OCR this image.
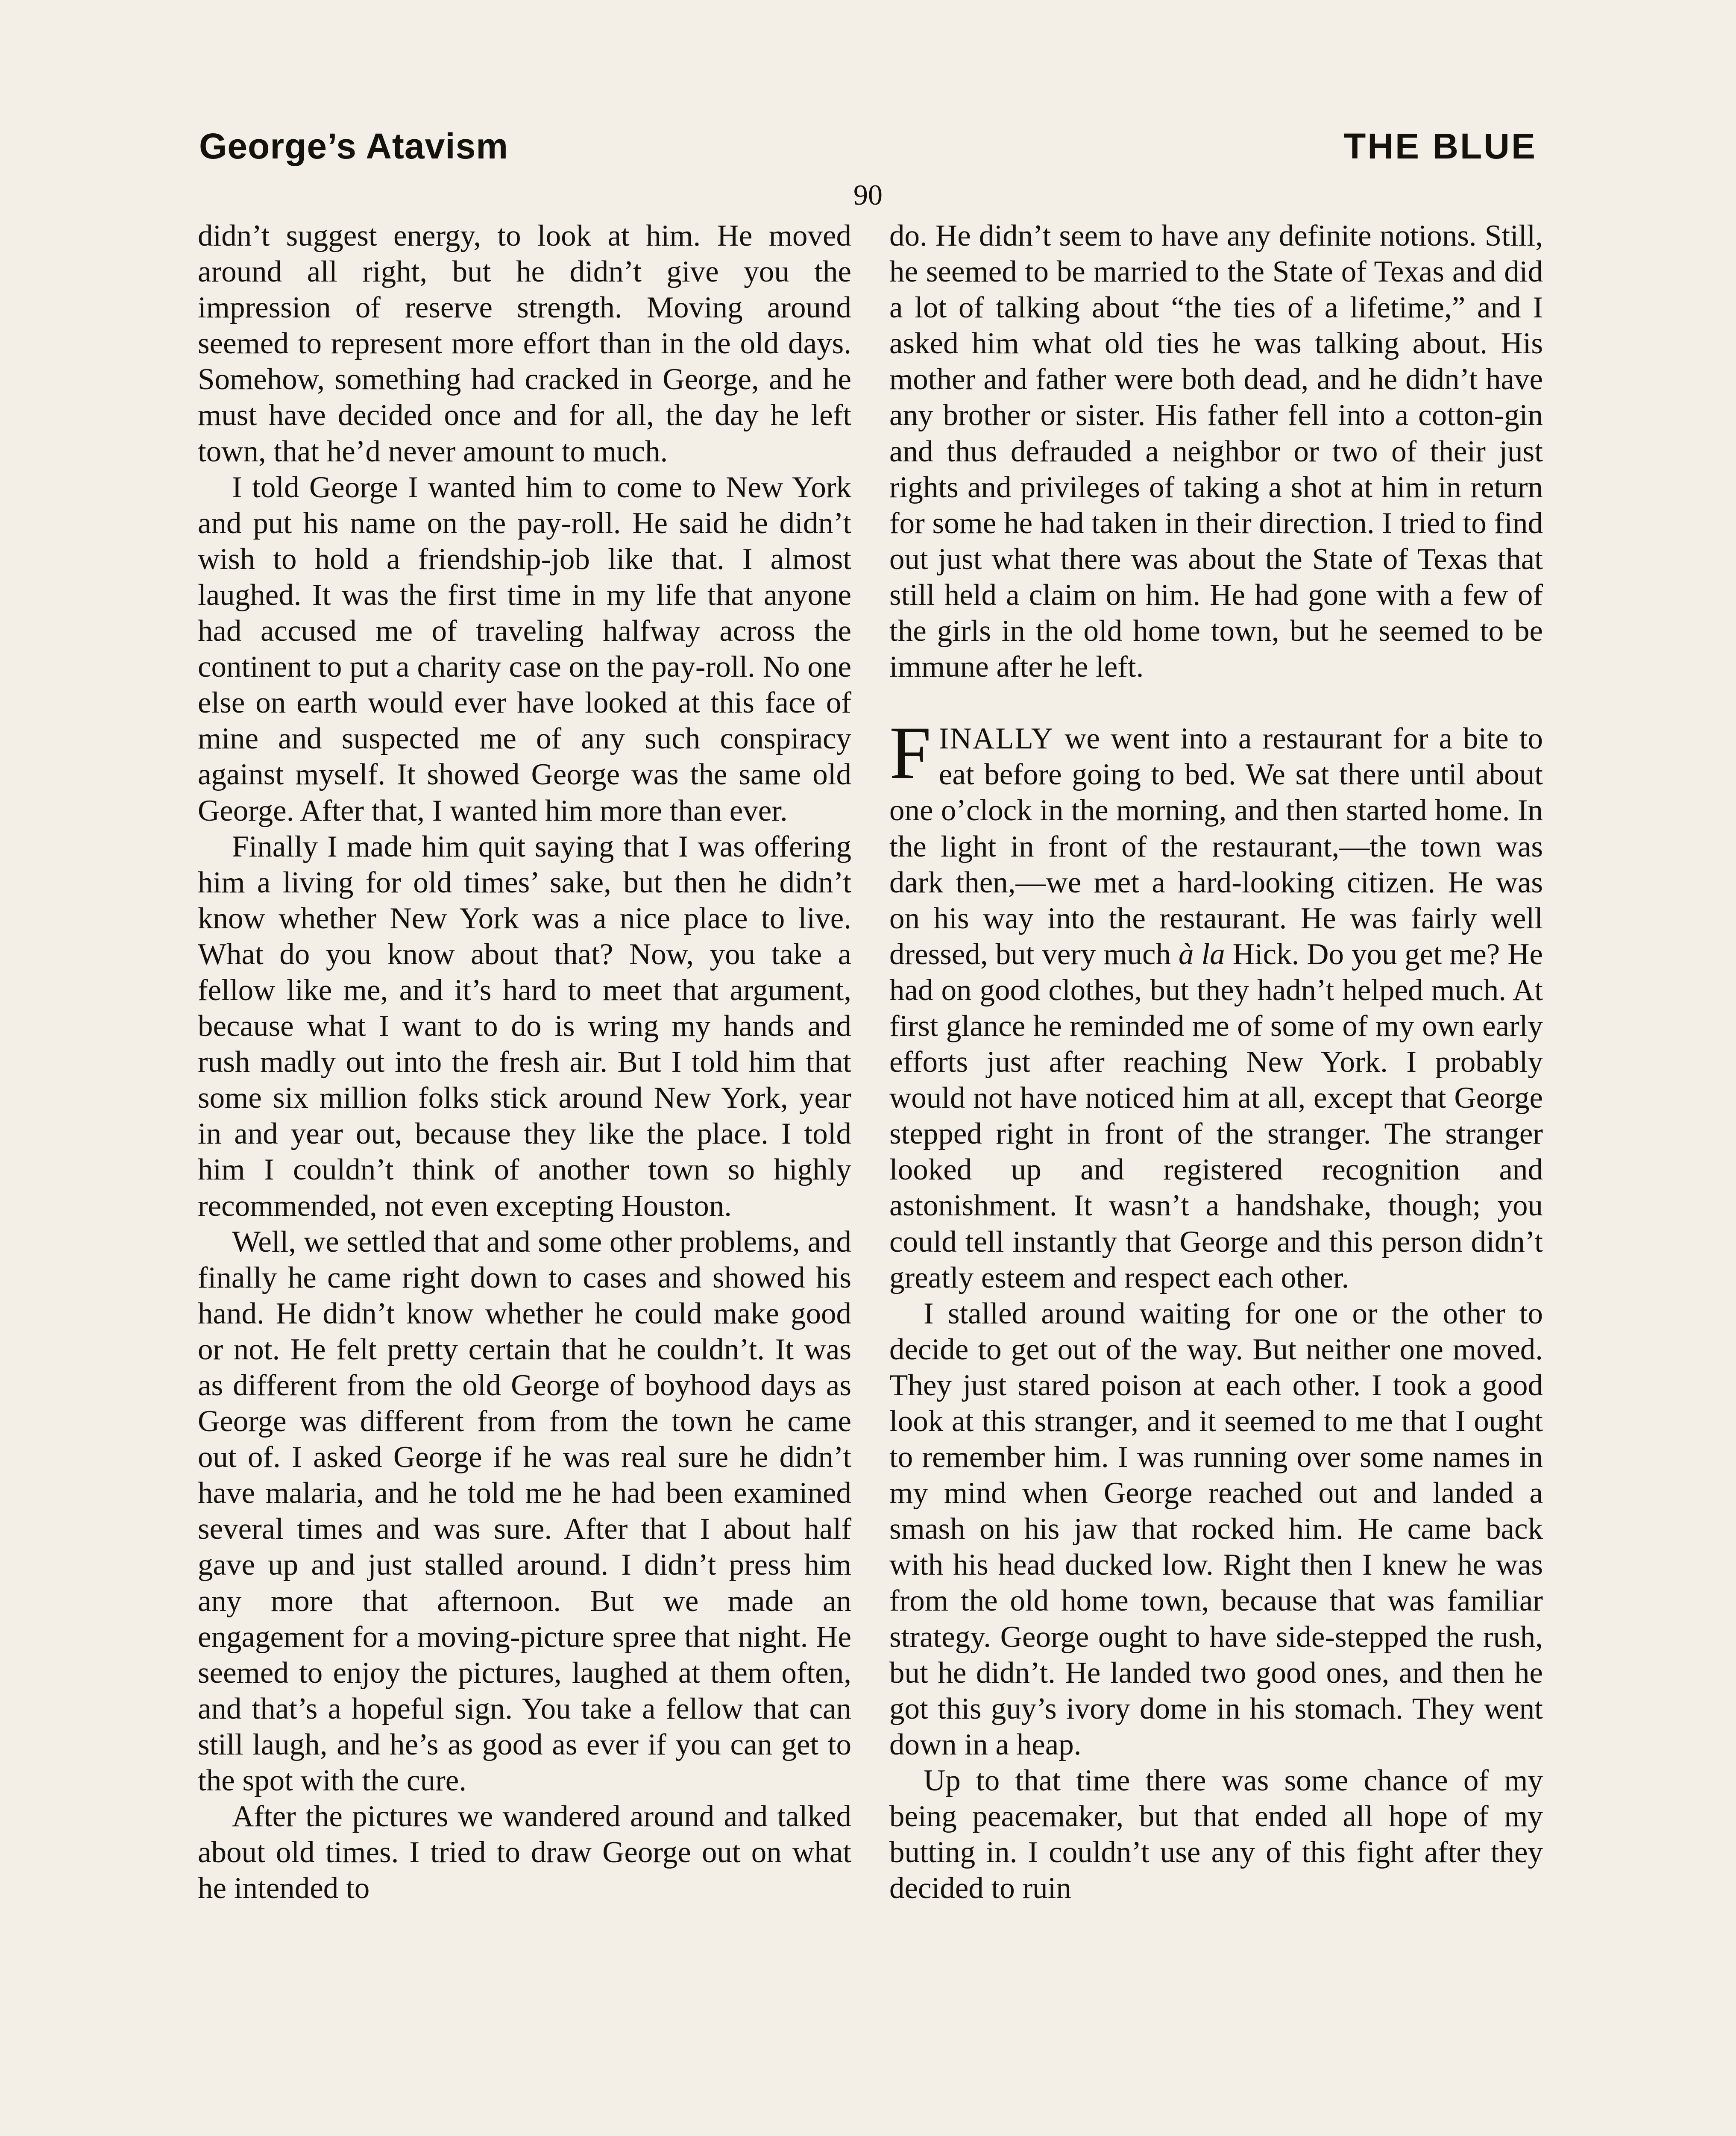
George’s Atavism	THE BLUE
90

didn’t suggest energy, to look at him. He moved around all right, but he didn’t give you the impression of reserve strength. Moving around seemed to represent more effort than in the old days. Somehow, something had cracked in George, and he must have decided once and for all, the day he left town, that he’d never amount to much.

I told George I wanted him to come to New York and put his name on the pay-roll. He said he didn’t wish to hold a friendship-job like that. I almost laughed. It was the first time in my life that anyone had accused me of traveling halfway across the continent to put a charity case on the pay-roll. No one else on earth would ever have looked at this face of mine and suspected me of any such conspiracy against myself. It showed George was the same old George. After that, I wanted him more than ever.

Finally I made him quit saying that I was offering him a living for old times’ sake, but then he didn’t know whether New York was a nice place to live. What do you know about that? Now, you take a fellow like me, and it’s hard to meet that argument, because what I want to do is wring my hands and rush madly out into the fresh air. But I told him that some six million folks stick around New York, year in and year out, because they like the place. I told him I couldn’t think of another town so highly recommended, not even excepting Houston.

Well, we settled that and some other problems, and finally he came right down to cases and showed his hand. He didn’t know whether he could make good or not. He felt pretty certain that he couldn’t. It was as different from the old George of boyhood days as George was different from from the town he came out of. I asked George if he was real sure he didn’t have malaria, and he told me he had been examined several times and was sure. After that I about half gave up and just stalled around. I didn’t press him any more that afternoon. But we made an engagement for a moving-picture spree that night. He seemed to enjoy the pictures, laughed at them often, and that’s a hopeful sign. You take a fellow that can still laugh, and he’s as good as ever if you can get to the spot with the cure.

After the pictures we wandered around and talked about old times. I tried to draw George out on what he intended to

do. He didn’t seem to have any definite notions. Still, he seemed to be married to the State of Texas and did a lot of talking about “the ties of a lifetime,” and I asked him what old ties he was talking about. His mother and father were both dead, and he didn’t have any brother or sister. His father fell into a cotton-gin and thus defrauded a neighbor or two of their just rights and privileges of taking a shot at him in return for some he had taken in their direction. I tried to find out just what there was about the State of Texas that still held a claim on him. He had gone with a few of the girls in the old home town, but he seemed to be immune after he left.

FINALLY we went into a restaurant for a bite to eat before going to bed. We sat there until about one o’clock in the morning, and then started home. In the light in front of the restaurant,—the town was dark then,—we met a hard-looking citizen. He was on his way into the restaurant. He was fairly well dressed, but very much à la Hick. Do you get me? He had on good clothes, but they hadn’t helped much. At first glance he reminded me of some of my own early efforts just after reaching New York. I probably would not have noticed him at all, except that George stepped right in front of the stranger. The stranger looked up and registered recognition and astonishment. It wasn’t a handshake, though; you could tell instantly that George and this person didn’t greatly esteem and respect each other.

I stalled around waiting for one or the other to decide to get out of the way. But neither one moved. They just stared poison at each other. I took a good look at this stranger, and it seemed to me that I ought to remember him. I was running over some names in my mind when George reached out and landed a smash on his jaw that rocked him. He came back with his head ducked low. Right then I knew he was from the old home town, because that was familiar strategy. George ought to have side-stepped the rush, but he didn’t. He landed two good ones, and then he got this guy’s ivory dome in his stomach. They went down in a heap.

Up to that time there was some chance of my being peacemaker, but that ended all hope of my butting in. I couldn’t use any of this fight after they decided to ruin
